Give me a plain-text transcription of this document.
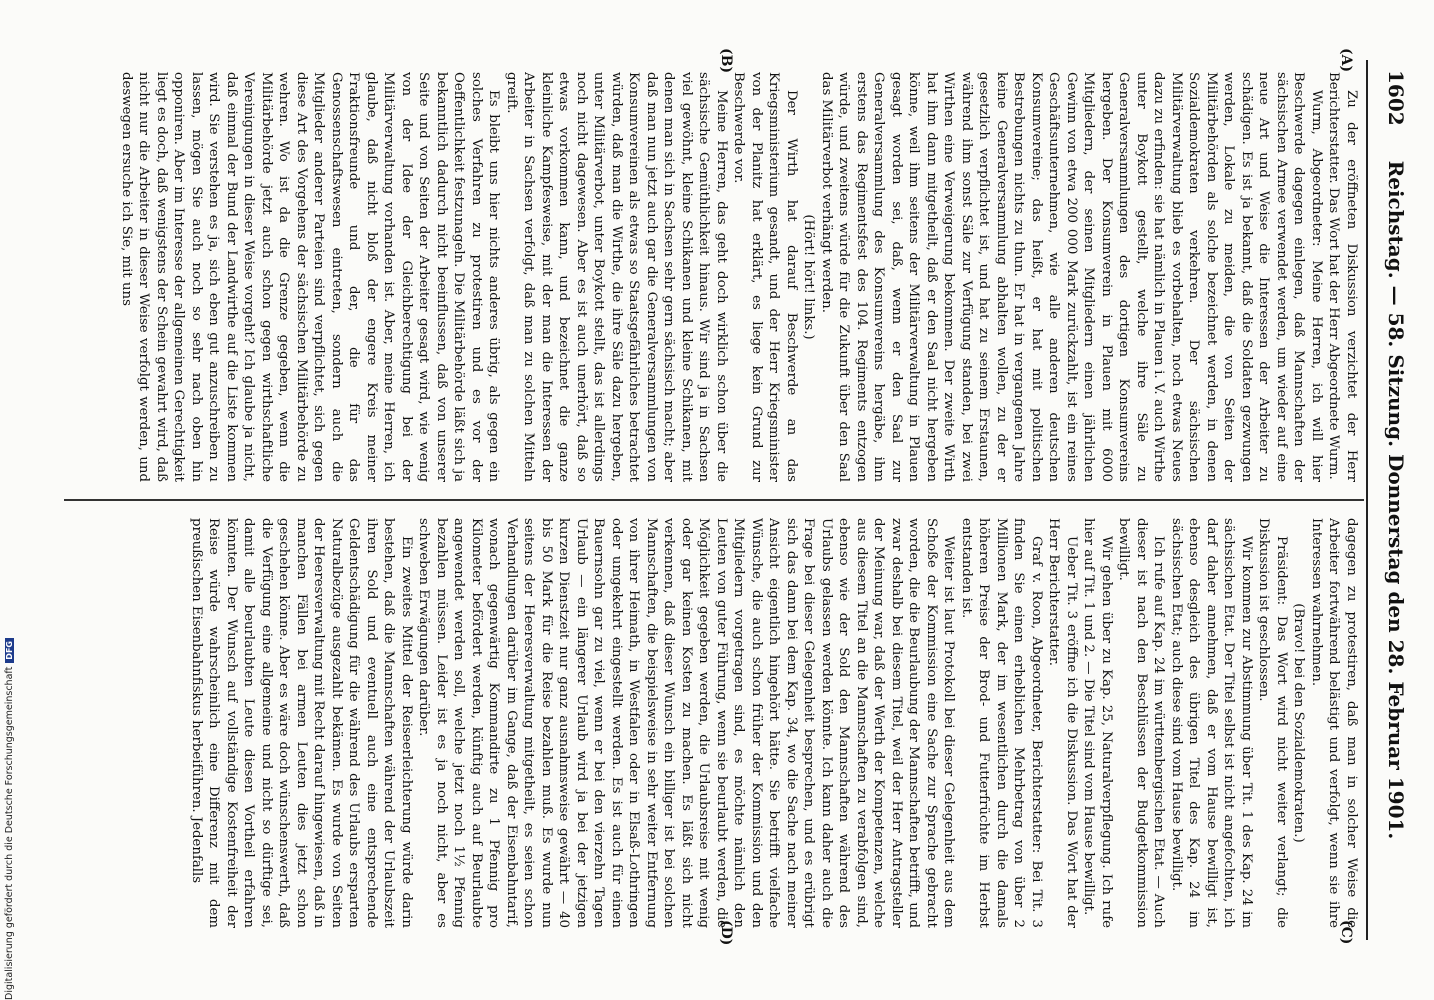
1602
Reichstag. — 58. Sitzung. Donnerstag den 28. Februar 1901.
(A)
(B)
(C)
(D)

Zu der eröffneten Diskussion verzichtet der Herr Berichterstatter. Das Wort hat der Herr Abgeordnete Wurm.

Wurm, Abgeordneter: Meine Herren, ich will hier Beschwerde dagegen einlegen, daß Mannschaften der sächsischen Armee verwendet werden, um wieder auf eine neue Art und Weise die Interessen der Arbeiter zu schädigen. Es ist ja bekannt, daß die Soldaten gezwungen werden, Lokale zu meiden, die von Seiten der Militärbehörden als solche bezeichnet werden, in denen Sozialdemokraten verkehren. Der sächsischen Militärverwaltung blieb es vorbehalten, noch etwas Neues dazu zu erfinden: sie hat nämlich in Plauen i. V. auch Wirthe unter Boykott gestellt, welche ihre Säle zu Generalversammlungen des dortigen Konsumvereins hergeben. Der Konsumverein in Plauen mit 6000 Mitgliedern, der seinen Mitgliedern einen jährlichen Gewinn von etwa 200 000 Mark zurückzahlt, ist ein reines Geschäftsunternehmen, wie alle anderen deutschen Konsumvereine; das heißt, er hat mit politischen Bestrebungen nichts zu thun. Er hat in vergangenen Jahre keine Generalversammlung abhalten wollen, zu der er gesetzlich verpflichtet ist, und hat zu seinem Erstaunen, während ihm sonst Säle zur Verfügung standen, bei zwei Wirthen eine Verweigerung bekommen. Der zweite Wirth hat ihm dann mitgetheilt, daß er den Saal nicht hergeben könne, weil ihm seitens der Militärverwaltung in Plauen gesagt worden sei, daß, wenn er den Saal zur Generalversammlung des Konsumvereins hergäbe, ihm erstens das Regimentsfest des 104. Regiments entzogen würde, und zweitens würde für die Zukunft über den Saal das Militärverbot verhängt werden.

(Hört! hört! links.)

Der Wirth hat darauf Beschwerde an das Kriegsministerium gesandt, und der Herr Kriegsminister von der Planitz hat erklärt, es liege kein Grund zur Beschwerde vor.

Meine Herren, das geht doch wirklich schon über die sächsische Gemüthlichkeit hinaus. Wir sind ja in Sachsen viel gewöhnt, kleine Schikanen und kleine Schikanen, mit denen man sich in Sachsen sehr gern sächsisch macht; aber daß man nun jetzt auch gar die Generalversammlungen von Konsumvereinen als etwas so Staatsgefährliches betrachtet würden, daß man die Wirthe, die ihre Säle dazu hergeben, unter Militärverbot, unter Boykott stellt, das ist allerdings noch nicht dagewesen. Aber es ist auch unerhört, daß so etwas vorkommen kann, und bezeichnet die ganze kleinliche Kampfesweise, mit der man die Interessen der Arbeiter in Sachsen verfolgt, daß man zu solchen Mitteln greift.

Es bleibt uns hier nichts anderes übrig, als gegen ein solches Verfahren zu protestiren und es vor der Oeffentlichkeit festzunageln. Die Militärbehörde läßt sich ja bekanntlich dadurch nicht beeinflussen, daß von unserer Seite und von Seiten der Arbeiter gesagt wird, wie wenig von der Idee der Gleichberechtigung bei der Militärverwaltung vorhanden ist. Aber, meine Herren, ich glaube, daß nicht bloß der engere Kreis meiner Fraktionsfreunde und der, die für das Genossenschaftswesen eintreten, sondern auch die Mitglieder anderer Parteien sind verpflichtet, sich gegen diese Art des Vorgehens der sächsischen Militärbehörde zu wehren. Wo ist da die Grenze gegeben, wenn die Militärbehörde jetzt auch schon gegen wirthschaftliche Vereinigungen in dieser Weise vorgeht? Ich glaube ja nicht, daß einmal der Bund der Landwirthe auf die Liste kommen wird. Sie verstehen es ja, sich eben gut anzuschreiben zu lassen, mögen Sie auch noch so sehr nach oben hin opponiren. Aber im Interesse der allgemeinen Gerechtigkeit liegt es doch, daß wenigstens der Schein gewahrt wird, daß nicht nur die Arbeiter in dieser Weise verfolgt werden, und deswegen ersuche ich Sie, mit uns

dagegen zu protestiren, daß man in solcher Weise die Arbeiter fortwährend belästigt und verfolgt, wenn sie ihre Interessen wahrnehmen.

(Bravo! bei den Sozialdemokraten.)

Präsident: Das Wort wird nicht weiter verlangt; die Diskussion ist geschlossen.

Wir kommen zur Abstimmung über Tit. 1 des Kap. 24 im sächsischen Etat. Der Titel selbst ist nicht angefochten, ich darf daher annehmen, daß er vom Hause bewilligt ist, ebenso desgleich des übrigen Titel des Kap. 24 im sächsischen Etat; auch diese sind vom Hause bewilligt.

Ich rufe auf Kap. 24 im württembergischen Etat. — Auch dieser ist nach den Beschlüssen der Budgetkommission bewilligt.

Wir gehen über zu Kap. 25, Naturalverpflegung. Ich rufe hier auf Tit. 1 und 2. — Die Titel sind vom Hause bewilligt.

Ueber Tit. 3 eröffne ich die Diskussion. Das Wort hat der Herr Berichterstatter.

Graf v. Roon, Abgeordneter, Berichterstatter: Bei Tit. 3 finden Sie einen erheblichen Mehrbetrag von über 2 Millionen Mark, der im wesentlichen durch die damals höheren Preise der Brod- und Futterfrüchte im Herbst entstanden ist.

Weiter ist laut Protokoll bei dieser Gelegenheit aus dem Schoße der Kommission eine Sache zur Sprache gebracht worden, die die Beurlaubung der Mannschaften betrifft, und zwar deshalb bei diesem Titel, weil der Herr Antragsteller der Meinung war, daß der Werth der Kompetenzen, welche aus diesem Titel an die Mannschaften zu verabfolgen sind, ebenso wie der Sold den Mannschaften während des Urlaubs gelassen werden könnte. Ich kann daher auch die Frage bei dieser Gelegenheit besprechen, und es erübrigt sich das dann bei dem Kap. 34, wo die Sache nach meiner Ansicht eigentlich hingehört hätte. Sie betrifft vielfache Wünsche, die auch schon früher der Kommission und den Mitgliedern vorgetragen sind, es möchte nämlich den Leuten von guter Führung, wenn sie beurlaubt werden, die Möglichkeit gegeben werden, die Urlaubsreise mit wenig oder gar keinen Kosten zu machen. Es läßt sich nicht verkennen, daß dieser Wunsch ein billiger ist bei solchen Mannschaften, die beispielsweise in sehr weiter Entfernung von ihrer Heimath, in Westfalen oder in Elsaß-Lothringen oder umgekehrt eingestellt werden. Es ist auch für einen Bauernsohn gar zu viel, wenn er bei den vierzehn Tagen Urlaub — ein längerer Urlaub wird ja bei der jetzigen kurzen Dienstzeit nur ganz ausnahmsweise gewährt — 40 bis 50 Mark für die Reise bezahlen muß. Es wurde nun seitens der Heeresverwaltung mitgetheilt, es seien schon Verhandlungen darüber im Gange, daß der Eisenbahntarif, wonach gegenwärtig Kommandirte zu 1 Pfennig pro Kilometer befördert werden, künftig auch auf Beurlaubte angewendet werden soll, welche jetzt noch 1½ Pfennig bezahlen müssen. Leider ist es ja noch nicht, aber es schweben Erwägungen darüber.

Ein zweites Mittel der Reiseerleichterung würde darin bestehen, daß die Mannschaften während der Urlaubszeit ihren Sold und eventuell auch eine entsprechende Geldentschädigung für die während des Urlaubs ersparten Naturalbezüge ausgezahlt bekämen. Es wurde von Seiten der Heeresverwaltung mit Recht darauf hingewiesen, daß in manchen Fällen bei armen Leuten dies jetzt schon geschehen könne. Aber es wäre doch wünschenswerth, daß die Verfügung eine allgemeine und nicht so dürftige sei, damit alle beurlaubten Leute diesen Vortheil erfahren könnten. Der Wunsch auf vollständige Kostenfreiheit der Reise würde wahrscheinlich eine Differenz mit dem preußischen Eisenbahnfiskus herbeiführen. Jedenfalls

Digitalisierung gefördert durch die Deutsche ForschungsgemeinschaftDFG
